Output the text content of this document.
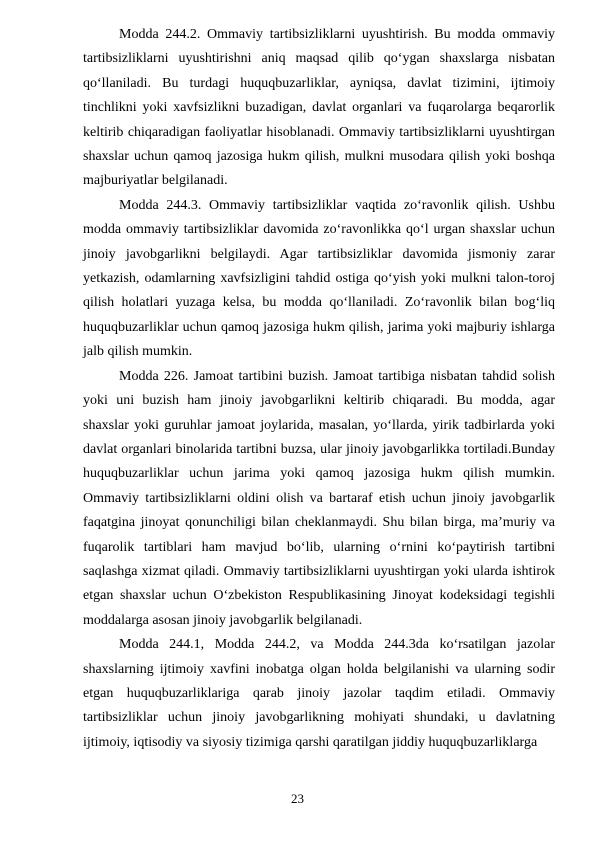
Modda 244.2. Ommaviy tartibsizliklarni uyushtirish. Bu modda ommaviy tartibsizliklarni uyushtirishni aniq maqsad qilib qoʻygan shaxslarga nisbatan qoʻllaniladi. Bu turdagi huquqbuzarliklar, ayniqsa, davlat tizimini, ijtimoiy tinchlikni yoki xavfsizlikni buzadigan, davlat organlari va fuqarolarga beqarorlik keltirib chiqaradigan faoliyatlar hisoblanadi. Ommaviy tartibsizliklarni uyushtirgan shaxslar uchun qamoq jazosiga hukm qilish, mulkni musodara qilish yoki boshqa majburiyatlar belgilanadi.

Modda 244.3. Ommaviy tartibsizliklar vaqtida zoʻravonlik qilish. Ushbu modda ommaviy tartibsizliklar davomida zoʻravonlikka qoʻl urgan shaxslar uchun jinoiy javobgarlikni belgilaydi. Agar tartibsizliklar davomida jismoniy zarar yetkazish, odamlarning xavfsizligini tahdid ostiga qoʻyish yoki mulkni talon-toroj qilish holatlari yuzaga kelsa, bu modda qoʻllaniladi. Zoʻravonlik bilan bogʻliq huquqbuzarliklar uchun qamoq jazosiga hukm qilish, jarima yoki majburiy ishlarga jalb qilish mumkin.

Modda 226. Jamoat tartibini buzish. Jamoat tartibiga nisbatan tahdid solish yoki uni buzish ham jinoiy javobgarlikni keltirib chiqaradi. Bu modda, agar shaxslar yoki guruhlar jamoat joylarida, masalan, yoʻllarda, yirik tadbirlarda yoki davlat organlari binolarida tartibni buzsa, ular jinoiy javobgarlikka tortiladi.Bunday huquqbuzarliklar uchun jarima yoki qamoq jazosiga hukm qilish mumkin. Ommaviy tartibsizliklarni oldini olish va bartaraf etish uchun jinoiy javobgarlik faqatgina jinoyat qonunchiligi bilan cheklanmaydi. Shu bilan birga, maʼmuriy va fuqarolik tartiblari ham mavjud boʻlib, ularning oʻrnini koʻpaytirish tartibni saqlashga xizmat qiladi. Ommaviy tartibsizliklarni uyushtirgan yoki ularda ishtirok etgan shaxslar uchun Oʻzbekiston Respublikasining Jinoyat kodeksidagi tegishli moddalarga asosan jinoiy javobgarlik belgilanadi.

Modda 244.1, Modda 244.2, va Modda 244.3da koʻrsatilgan jazolar shaxslarning ijtimoiy xavfini inobatga olgan holda belgilanishi va ularning sodir etgan huquqbuzarliklariga qarab jinoiy jazolar taqdim etiladi. Ommaviy tartibsizliklar uchun jinoiy javobgarlikning mohiyati shundaki, u davlatning ijtimoiy, iqtisodiy va siyosiy tizimiga qarshi qaratilgan jiddiy huquqbuzarliklarga

23
